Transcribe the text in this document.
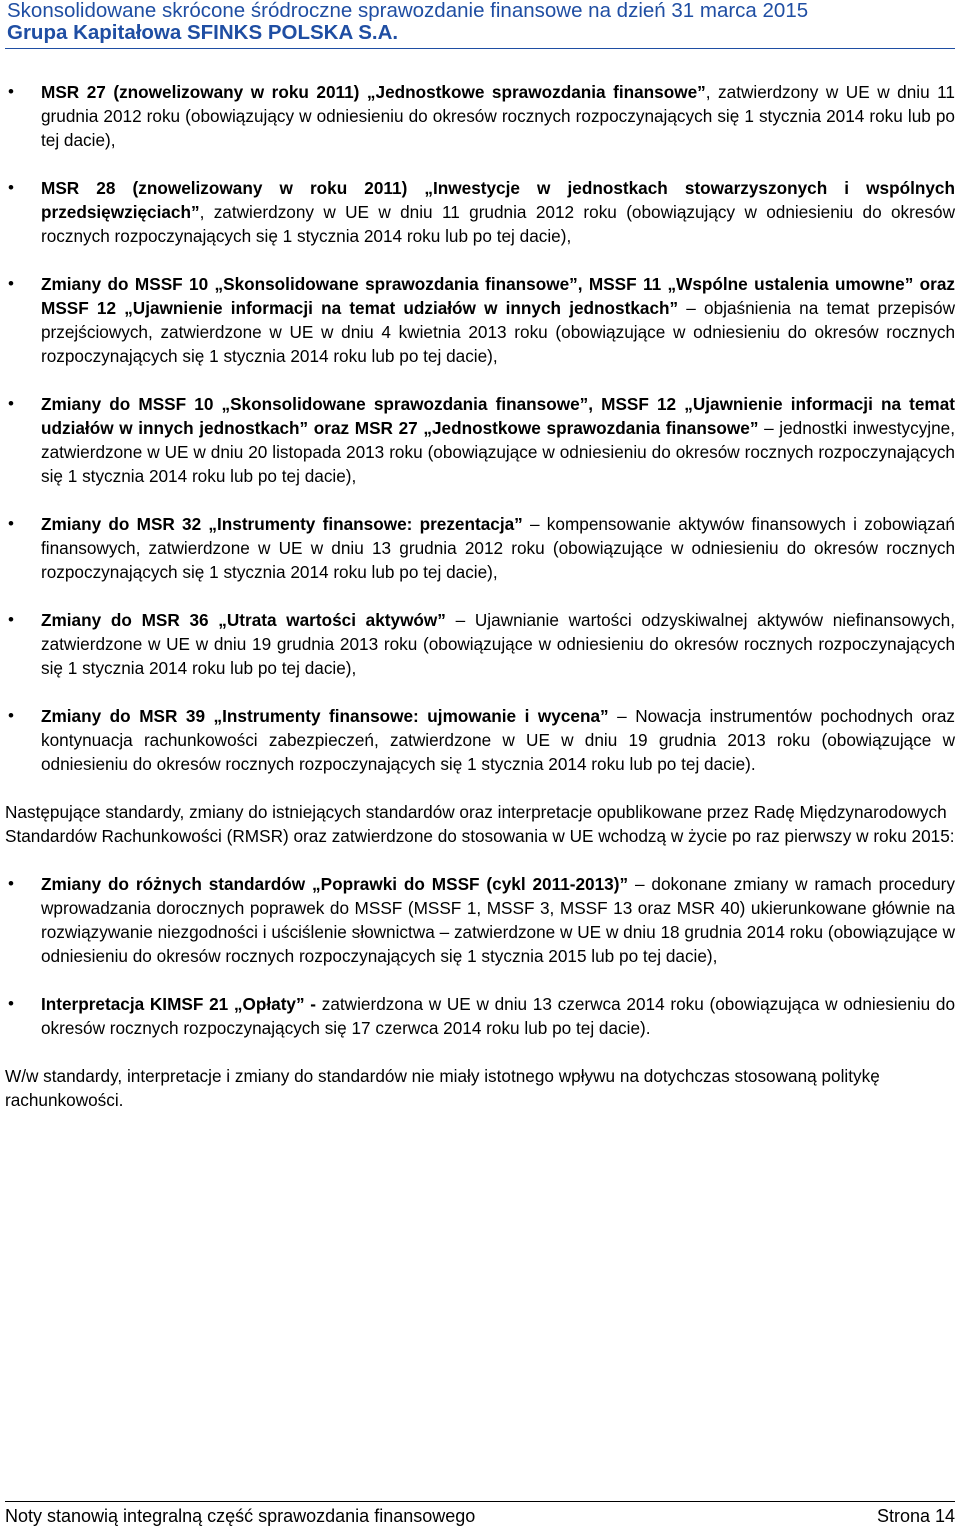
Skonsolidowane skrócone śródroczne sprawozdanie finansowe na dzień 31 marca 2015
Grupa Kapitałowa SFINKS POLSKA S.A.
• MSR 27 (znowelizowany w roku 2011) „Jednostkowe sprawozdania finansowe”, zatwierdzony w UE w dniu 11 grudnia 2012 roku (obowiązujący w odniesieniu do okresów rocznych rozpoczynających się 1 stycznia 2014 roku lub po tej dacie),
• MSR 28 (znowelizowany w roku 2011) „Inwestycje w jednostkach stowarzyszonych i wspólnych przedsięwzięciach”, zatwierdzony w UE w dniu 11 grudnia 2012 roku (obowiązujący w odniesieniu do okresów rocznych rozpoczynających się 1 stycznia 2014 roku lub po tej dacie),
• Zmiany do MSSF 10 „Skonsolidowane sprawozdania finansowe”, MSSF 11 „Wspólne ustalenia umowne” oraz MSSF 12 „Ujawnienie informacji na temat udziałów w innych jednostkach” – objaśnienia na temat przepisów przejściowych, zatwierdzone w UE w dniu 4 kwietnia 2013 roku (obowiązujące w odniesieniu do okresów rocznych rozpoczynających się 1 stycznia 2014 roku lub po tej dacie),
• Zmiany do MSSF 10 „Skonsolidowane sprawozdania finansowe”, MSSF 12 „Ujawnienie informacji na temat udziałów w innych jednostkach” oraz MSR 27 „Jednostkowe sprawozdania finansowe” – jednostki inwestycyjne, zatwierdzone w UE w dniu 20 listopada 2013 roku (obowiązujące w odniesieniu do okresów rocznych rozpoczynających się 1 stycznia 2014 roku lub po tej dacie),
• Zmiany do MSR 32 „Instrumenty finansowe: prezentacja” – kompensowanie aktywów finansowych i zobowiązań finansowych, zatwierdzone w UE w dniu 13 grudnia 2012 roku (obowiązujące w odniesieniu do okresów rocznych rozpoczynających się 1 stycznia 2014 roku lub po tej dacie),
• Zmiany do MSR 36 „Utrata wartości aktywów” – Ujawnianie wartości odzyskiwalnej aktywów niefinansowych, zatwierdzone w UE w dniu 19 grudnia 2013 roku (obowiązujące w odniesieniu do okresów rocznych rozpoczynających się 1 stycznia 2014 roku lub po tej dacie),
• Zmiany do MSR 39 „Instrumenty finansowe: ujmowanie i wycena” – Nowacja instrumentów pochodnych oraz kontynuacja rachunkowości zabezpieczeń, zatwierdzone w UE w dniu 19 grudnia 2013 roku (obowiązujące w odniesieniu do okresów rocznych rozpoczynających się 1 stycznia 2014 roku lub po tej dacie).

Następujące standardy, zmiany do istniejących standardów oraz interpretacje opublikowane przez Radę Międzynarodowych Standardów Rachunkowości (RMSR) oraz zatwierdzone do stosowania w UE wchodzą w życie po raz pierwszy w roku 2015:

• Zmiany do różnych standardów „Poprawki do MSSF (cykl 2011-2013)” – dokonane zmiany w ramach procedury wprowadzania dorocznych poprawek do MSSF (MSSF 1, MSSF 3, MSSF 13 oraz MSR 40) ukierunkowane głównie na rozwiązywanie niezgodności i uściślenie słownictwa – zatwierdzone w UE w dniu 18 grudnia 2014 roku (obowiązujące w odniesieniu do okresów rocznych rozpoczynających się 1 stycznia 2015 lub po tej dacie),
• Interpretacja KIMSF 21 „Opłaty” - zatwierdzona w UE w dniu 13 czerwca 2014 roku (obowiązująca w odniesieniu do okresów rocznych rozpoczynających się 17 czerwca 2014 roku lub po tej dacie).

W/w standardy, interpretacje i zmiany do standardów nie miały istotnego wpływu na dotychczas stosowaną politykę rachunkowości.

Noty stanowią integralną część sprawozdania finansowego	Strona 14
